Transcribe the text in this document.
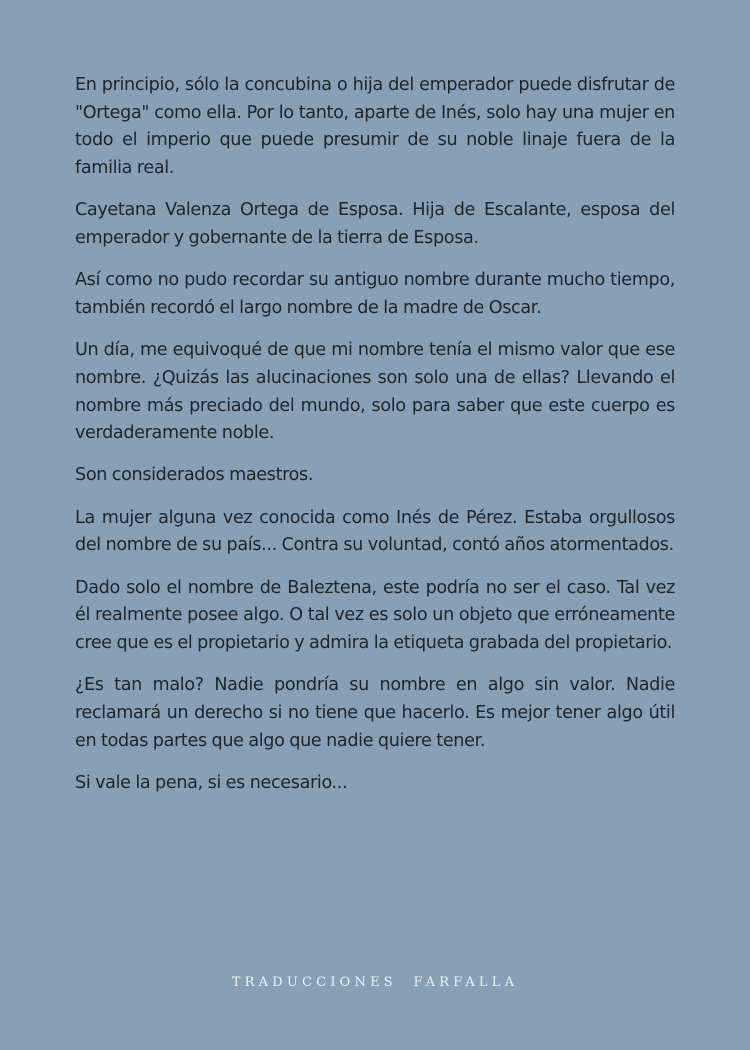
En principio, sólo la concubina o hija del emperador puede disfrutar de "Ortega" como ella. Por lo tanto, aparte de Inés, solo hay una mujer en todo el imperio que puede presumir de su noble linaje fuera de la familia real.

Cayetana Valenza Ortega de Esposa. Hija de Escalante, esposa del emperador y gobernante de la tierra de Esposa.

Así como no pudo recordar su antiguo nombre durante mucho tiempo, también recordó el largo nombre de la madre de Oscar.

Un día, me equivoqué de que mi nombre tenía el mismo valor que ese nombre. ¿Quizás las alucinaciones son solo una de ellas? Llevando el nombre más preciado del mundo, solo para saber que este cuerpo es verdaderamente noble.

Son considerados maestros.

La mujer alguna vez conocida como Inés de Pérez. Estaba orgullosos del nombre de su país... Contra su voluntad, contó años atormentados.

Dado solo el nombre de Baleztena, este podría no ser el caso. Tal vez él realmente posee algo. O tal vez es solo un objeto que erróneamente cree que es el propietario y admira la etiqueta grabada del propietario.

¿Es tan malo? Nadie pondría su nombre en algo sin valor. Nadie reclamará un derecho si no tiene que hacerlo. Es mejor tener algo útil en todas partes que algo que nadie quiere tener.

Si vale la pena, si es necesario...

TRADUCCIONES  FARFALLA
